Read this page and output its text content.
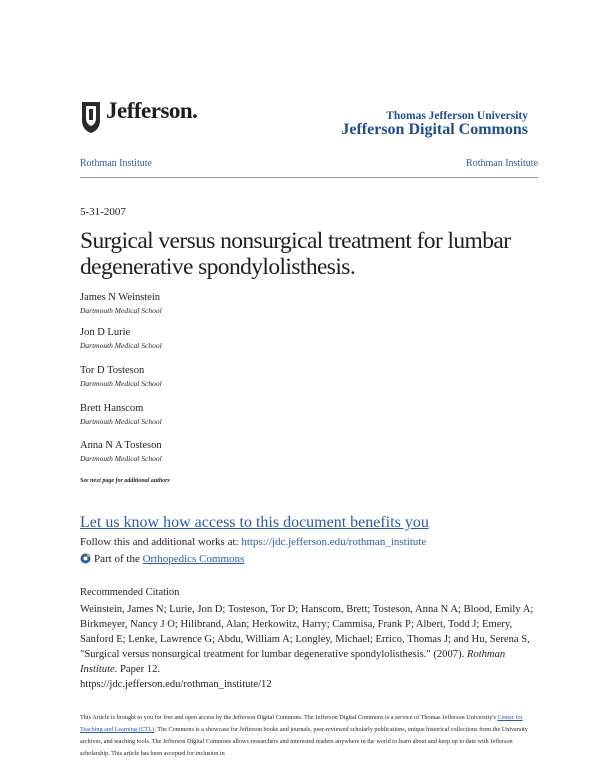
Jefferson.	Thomas Jefferson University
Jefferson Digital Commons
Rothman Institute	Rothman Institute
5-31-2007
Surgical versus nonsurgical treatment for lumbar degenerative spondylolisthesis.
James N Weinstein
Dartmouth Medical School
Jon D Lurie
Dartmouth Medical School
Tor D Tosteson
Dartmouth Medical School
Brett Hanscom
Dartmouth Medical School
Anna N A Tosteson
Dartmouth Medical School
See next page for additional authors
Let us know how access to this document benefits you
Follow this and additional works at: https://jdc.jefferson.edu/rothman_institute
Part of the Orthopedics Commons
Recommended Citation
Weinstein, James N; Lurie, Jon D; Tosteson, Tor D; Hanscom, Brett; Tosteson, Anna N A; Blood, Emily A; Birkmeyer, Nancy J O; Hilibrand, Alan; Herkowitz, Harry; Cammisa, Frank P; Albert, Todd J; Emery, Sanford E; Lenke, Lawrence G; Abdu, William A; Longley, Michael; Errico, Thomas J; and Hu, Serena S, "Surgical versus nonsurgical treatment for lumbar degenerative spondylolisthesis." (2007). Rothman Institute. Paper 12.
https://jdc.jefferson.edu/rothman_institute/12
This Article is brought to you for free and open access by the Jefferson Digital Commons. The Jefferson Digital Commons is a service of Thomas Jefferson University's Center for Teaching and Learning (CTL). The Commons is a showcase for Jefferson books and journals, peer-reviewed scholarly publications, unique historical collections from the University archives, and teaching tools. The Jefferson Digital Commons allows researchers and interested readers anywhere in the world to learn about and keep up to date with Jefferson scholarship. This article has been accepted for inclusion in
